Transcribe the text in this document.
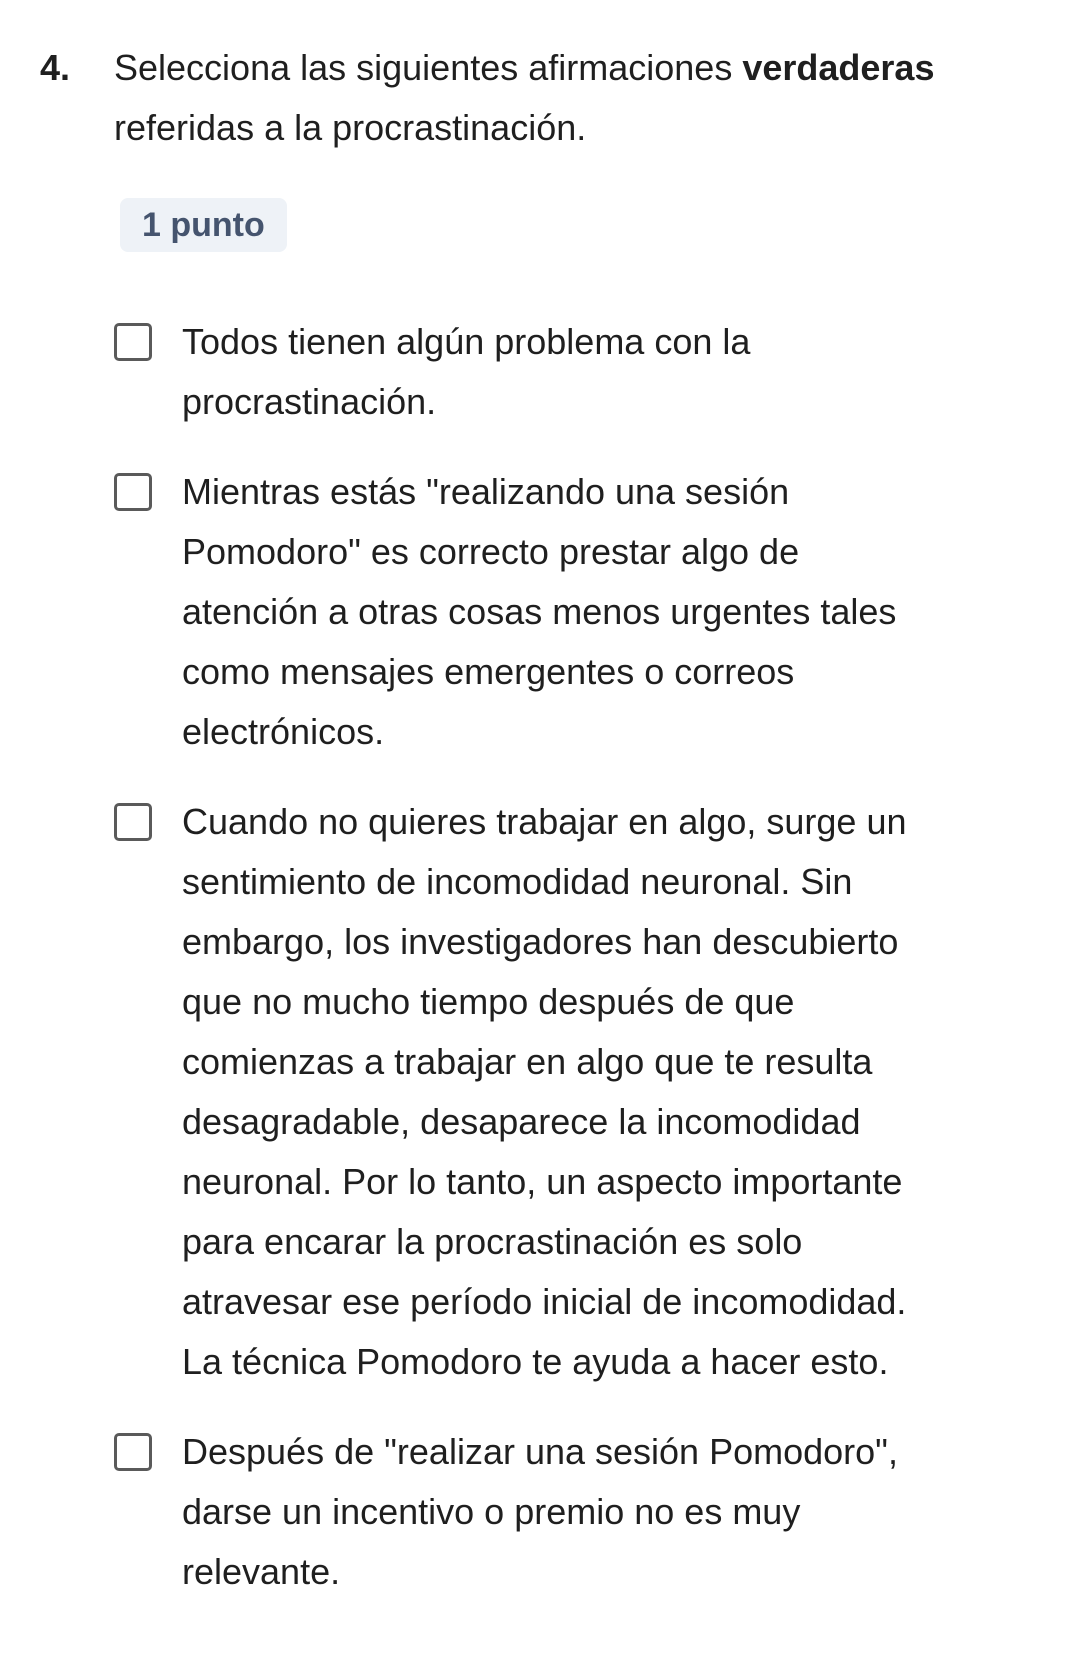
4.	Selecciona las siguientes afirmaciones verdaderas referidas a la procrastinación.
1 punto
Todos tienen algún problema con la procrastinación.
Mientras estás "realizando una sesión Pomodoro" es correcto prestar algo de atención a otras cosas menos urgentes tales como mensajes emergentes o correos electrónicos.
Cuando no quieres trabajar en algo, surge un sentimiento de incomodidad neuronal. Sin embargo, los investigadores han descubierto que no mucho tiempo después de que comienzas a trabajar en algo que te resulta desagradable, desaparece la incomodidad neuronal. Por lo tanto, un aspecto importante para encarar la procrastinación es solo atravesar ese período inicial de incomodidad. La técnica Pomodoro te ayuda a hacer esto.
Después de "realizar una sesión Pomodoro", darse un incentivo o premio no es muy relevante.
